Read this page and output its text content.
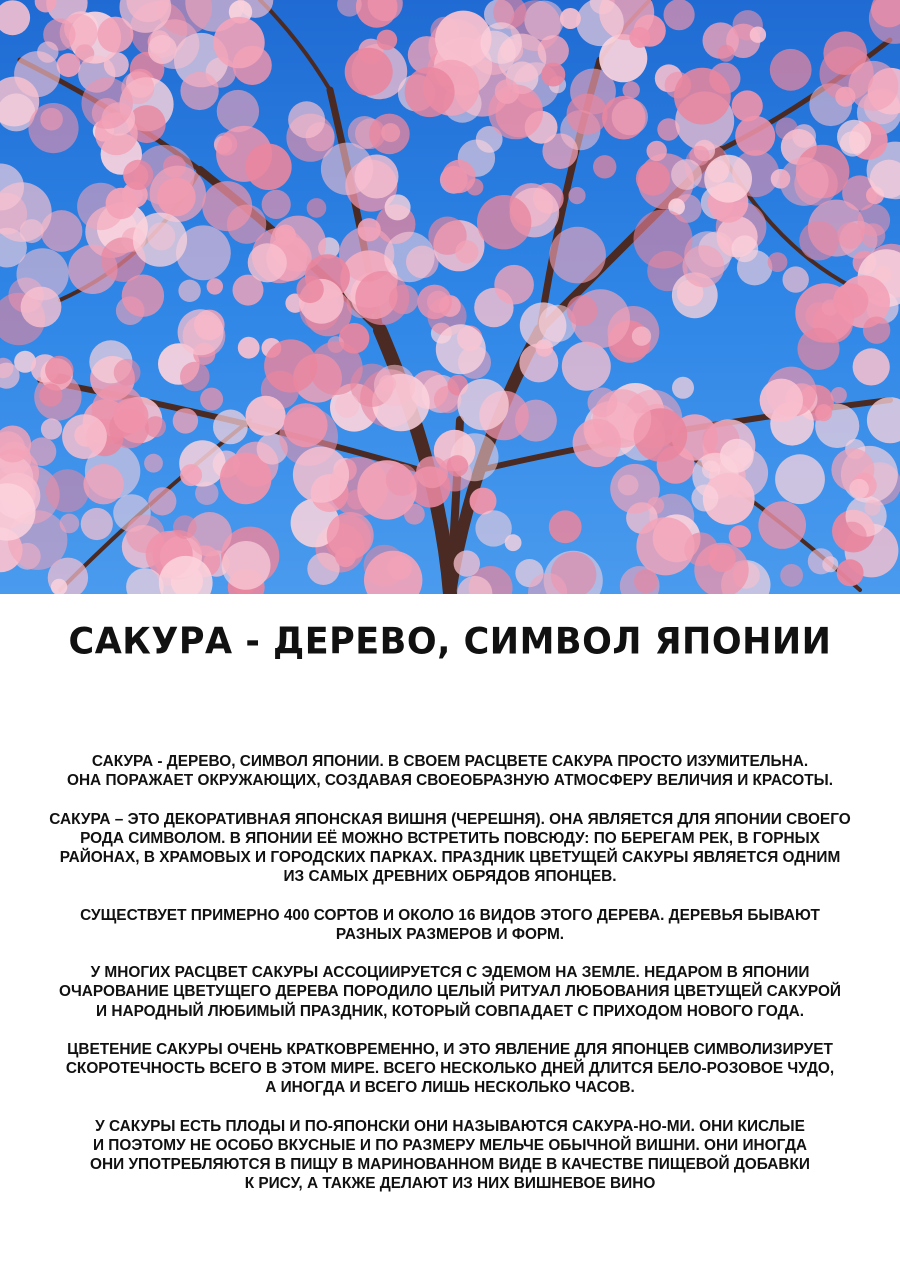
САКУРА - ДЕРЕВО, СИМВОЛ ЯПОНИИ
САКУРА - ДЕРЕВО, СИМВОЛ ЯПОНИИ. В СВОЕМ РАСЦВЕТЕ САКУРА ПРОСТО ИЗУМИТЕЛЬНА.
ОНА ПОРАЖАЕТ ОКРУЖАЮЩИХ, СОЗДАВАЯ СВОЕОБРАЗНУЮ АТМОСФЕРУ ВЕЛИЧИЯ И КРАСОТЫ.
САКУРА – ЭТО ДЕКОРАТИВНАЯ ЯПОНСКАЯ ВИШНЯ (ЧЕРЕШНЯ). ОНА ЯВЛЯЕТСЯ ДЛЯ ЯПОНИИ СВОЕГО
РОДА СИМВОЛОМ. В ЯПОНИИ ЕЁ МОЖНО ВСТРЕТИТЬ ПОВСЮДУ: ПО БЕРЕГАМ РЕК, В ГОРНЫХ
РАЙОНАХ, В ХРАМОВЫХ И ГОРОДСКИХ ПАРКАХ. ПРАЗДНИК ЦВЕТУЩЕЙ САКУРЫ ЯВЛЯЕТСЯ ОДНИМ
ИЗ САМЫХ ДРЕВНИХ ОБРЯДОВ ЯПОНЦЕВ.
СУЩЕСТВУЕТ ПРИМЕРНО 400 СОРТОВ И ОКОЛО 16 ВИДОВ ЭТОГО ДЕРЕВА. ДЕРЕВЬЯ БЫВАЮТ
РАЗНЫХ РАЗМЕРОВ И ФОРМ.
У МНОГИХ РАСЦВЕТ САКУРЫ АССОЦИИРУЕТСЯ С ЭДЕМОМ НА ЗЕМЛЕ. НЕДАРОМ В ЯПОНИИ
ОЧАРОВАНИЕ ЦВЕТУЩЕГО ДЕРЕВА ПОРОДИЛО ЦЕЛЫЙ РИТУАЛ ЛЮБОВАНИЯ ЦВЕТУЩЕЙ САКУРОЙ
И НАРОДНЫЙ ЛЮБИМЫЙ ПРАЗДНИК, КОТОРЫЙ СОВПАДАЕТ С ПРИХОДОМ НОВОГО ГОДА.
ЦВЕТЕНИЕ САКУРЫ ОЧЕНЬ КРАТКОВРЕМЕННО, И ЭТО ЯВЛЕНИЕ ДЛЯ ЯПОНЦЕВ СИМВОЛИЗИРУЕТ
СКОРОТЕЧНОСТЬ ВСЕГО В ЭТОМ МИРЕ. ВСЕГО НЕСКОЛЬКО ДНЕЙ ДЛИТСЯ БЕЛО-РОЗОВОЕ ЧУДО,
А ИНОГДА И ВСЕГО ЛИШЬ НЕСКОЛЬКО ЧАСОВ.
У САКУРЫ ЕСТЬ ПЛОДЫ И ПО-ЯПОНСКИ ОНИ НАЗЫВАЮТСЯ САКУРА-НО-МИ. ОНИ КИСЛЫЕ
И ПОЭТОМУ НЕ ОСОБО ВКУСНЫЕ И ПО РАЗМЕРУ МЕЛЬЧЕ ОБЫЧНОЙ ВИШНИ. ОНИ ИНОГДА
ОНИ УПОТРЕБЛЯЮТСЯ В ПИЩУ В МАРИНОВАННОМ ВИДЕ В КАЧЕСТВЕ ПИЩЕВОЙ ДОБАВКИ
К РИСУ, А ТАКЖЕ ДЕЛАЮТ ИЗ НИХ ВИШНЕВОЕ ВИНО
